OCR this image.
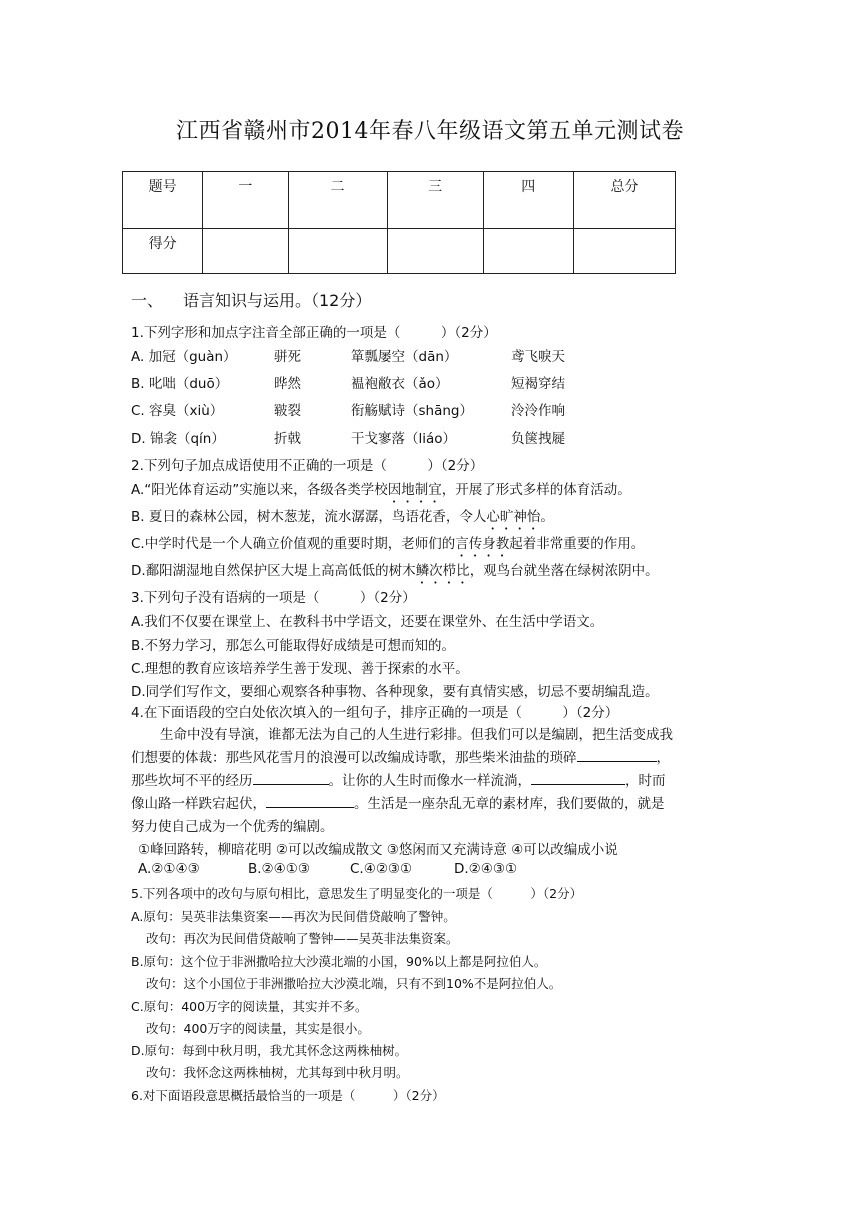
江西省赣州市2014年春八年级语文第五单元测试卷
题号	一	二	三	四	总分
得分					
一、 语言知识与运用。（12分）
1.下列字形和加点字注音全部正确的一项是（　　　）（2分）
A. 加冠（guàn）	骈死	箪瓢屡空（dān）	鸢飞唳天
B. 叱咄（duō）	晔然	褞袍敝衣（ǎo）	短褐穿结
C. 容臭（xiù）	皲裂	衔觞赋诗（shāng）	泠泠作响
D. 锦衾（qín）	折戟	干戈寥落（liáo）	负箧拽屣
2.下列句子加点成语使用不正确的一项是（　　　）（2分）
A.“阳光体育运动”实施以来，各级各类学校因地制宜，开展了形式多样的体育活动。
B. 夏日的森林公园，树木葱茏，流水潺潺，鸟语花香，令人心旷神怡。
C.中学时代是一个人确立价值观的重要时期，老师们的言传身教起着非常重要的作用。
D.鄱阳湖湿地自然保护区大堤上高高低低的树木鳞次栉比，观鸟台就坐落在绿树浓阴中。
3.下列句子没有语病的一项是（　　　）（2分）
A.我们不仅要在课堂上、在教科书中学语文，还要在课堂外、在生活中学语文。
B.不努力学习，那怎么可能取得好成绩是可想而知的。
C.理想的教育应该培养学生善于发现、善于探索的水平。
D.同学们写作文，要细心观察各种事物、各种现象，要有真情实感，切忌不要胡编乱造。
4.在下面语段的空白处依次填入的一组句子，排序正确的一项是（　　　）（2分）
生命中没有导演，谁都无法为自己的人生进行彩排。但我们可以是编剧，把生活变成我
们想要的体裁：那些风花雪月的浪漫可以改编成诗歌，那些柴米油盐的琐碎	，
那些坎坷不平的经历	。让你的人生时而像水一样流淌，	，时而
像山路一样跌宕起伏，	。生活是一座杂乱无章的素材库，我们要做的，就是
努力使自己成为一个优秀的编剧。
①峰回路转，柳暗花明 ②可以改编成散文 ③悠闲而又充满诗意 ④可以改编成小说
A.②①④③	B.②④①③	C.④②③①	D.②④③①
5.下列各项中的改句与原句相比，意思发生了明显变化的一项是（　　　）（2分）
A.原句：吴英非法集资案——再次为民间借贷敲响了警钟。
改句：再次为民间借贷敲响了警钟——吴英非法集资案。
B.原句：这个位于非洲撒哈拉大沙漠北端的小国，90%以上都是阿拉伯人。
改句：这个小国位于非洲撒哈拉大沙漠北端，只有不到10%不是阿拉伯人。
C.原句：400万字的阅读量，其实并不多。
改句：400万字的阅读量，其实是很小。
D.原句：每到中秋月明，我尤其怀念这两株柚树。
改句：我怀念这两株柚树，尤其每到中秋月明。
6.对下面语段意思概括最恰当的一项是（　　　）（2分）
